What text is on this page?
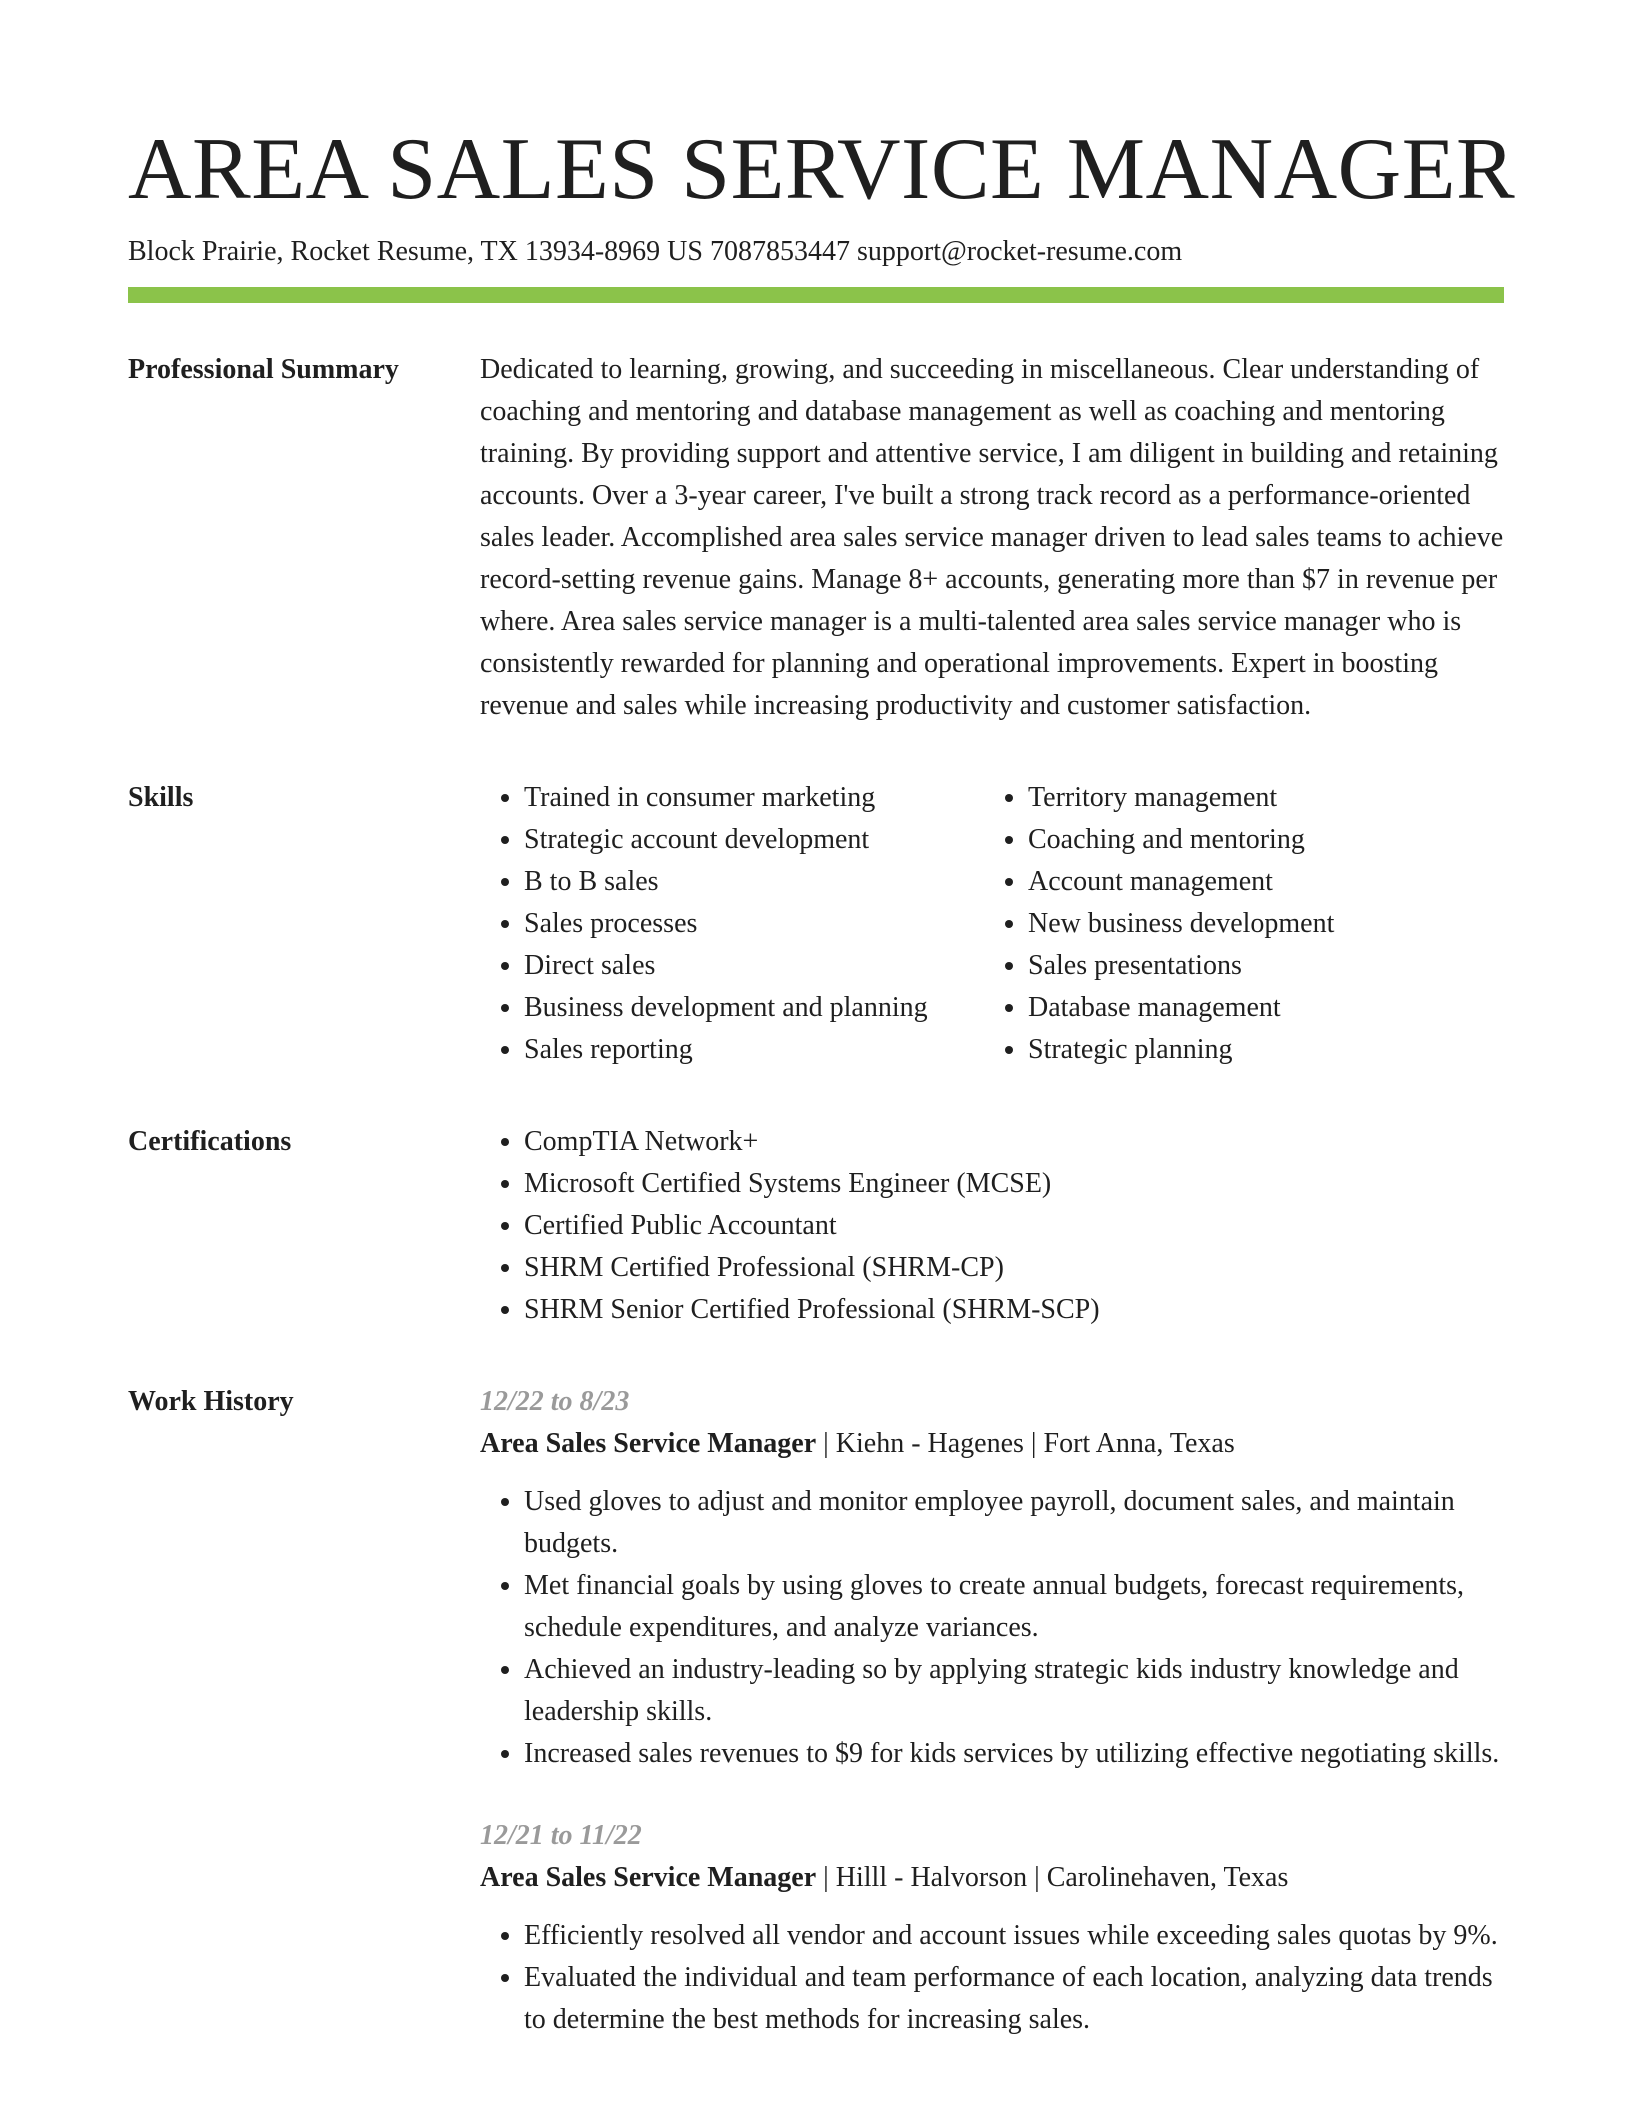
AREA SALES SERVICE MANAGER
Block Prairie, Rocket Resume, TX 13934-8969 US 7087853447 support@rocket-resume.com
Professional Summary	Dedicated to learning, growing, and succeeding in miscellaneous. Clear understanding of coaching and mentoring and database management as well as coaching and mentoring training. By providing support and attentive service, I am diligent in building and retaining accounts. Over a 3-year career, I've built a strong track record as a performance-oriented sales leader. Accomplished area sales service manager driven to lead sales teams to achieve record-setting revenue gains. Manage 8+ accounts, generating more than $7 in revenue per where. Area sales service manager is a multi-talented area sales service manager who is consistently rewarded for planning and operational improvements. Expert in boosting revenue and sales while increasing productivity and customer satisfaction.
Skills	• Trained in consumer marketing
• Strategic account development
• B to B sales
• Sales processes
• Direct sales
• Business development and planning
• Sales reporting
• Territory management
• Coaching and mentoring
• Account management
• New business development
• Sales presentations
• Database management
• Strategic planning
Certifications	• CompTIA Network+
• Microsoft Certified Systems Engineer (MCSE)
• Certified Public Accountant
• SHRM Certified Professional (SHRM-CP)
• SHRM Senior Certified Professional (SHRM-SCP)
Work History	12/22 to 8/23
Area Sales Service Manager | Kiehn - Hagenes | Fort Anna, Texas
• Used gloves to adjust and monitor employee payroll, document sales, and maintain budgets.
• Met financial goals by using gloves to create annual budgets, forecast requirements, schedule expenditures, and analyze variances.
• Achieved an industry-leading so by applying strategic kids industry knowledge and leadership skills.
• Increased sales revenues to $9 for kids services by utilizing effective negotiating skills.
12/21 to 11/22
Area Sales Service Manager | Hilll - Halvorson | Carolinehaven, Texas
• Efficiently resolved all vendor and account issues while exceeding sales quotas by 9%.
• Evaluated the individual and team performance of each location, analyzing data trends to determine the best methods for increasing sales.
